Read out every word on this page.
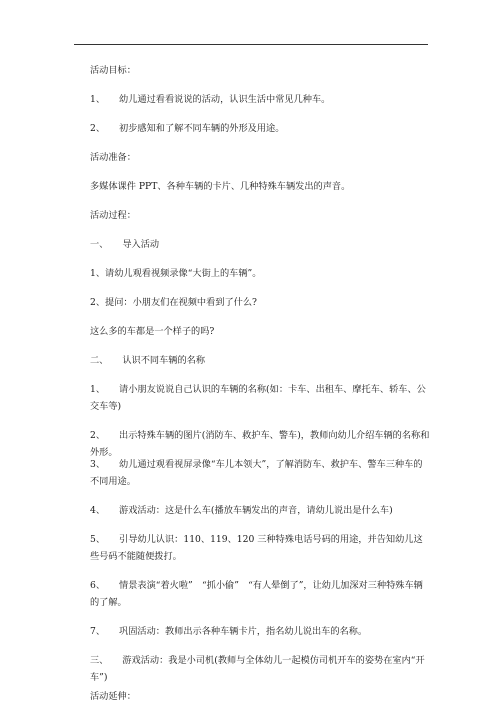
活动目标：

1、 幼儿通过看看说说的活动，认识生活中常见几种车。

2、 初步感知和了解不同车辆的外形及用途。

活动准备：

多媒体课件 PPT、各种车辆的卡片、几种特殊车辆发出的声音。

活动过程：

一、 导入活动

1、请幼儿观看视频录像“大街上的车辆”。

2、提问：小朋友们在视频中看到了什么?

这么多的车都是一个样子的吗?

二、 认识不同车辆的名称

1、 请小朋友说说自己认识的车辆的名称(如：卡车、出租车、摩托车、轿车、公交车等)

2、 出示特殊车辆的图片(消防车、救护车、警车)，教师向幼儿介绍车辆的名称和外形。

3、 幼儿通过观看视屏录像“车儿本领大”，了解消防车、救护车、警车三种车的不同用途。

4、 游戏活动：这是什么车(播放车辆发出的声音，请幼儿说出是什么车)

5、 引导幼儿认识：110、119、120 三种特殊电话号码的用途，并告知幼儿这些号码不能随便拨打。

6、 情景表演“着火啦”　“抓小偷”　“有人晕倒了”，让幼儿加深对三种特殊车辆的了解。

7、 巩固活动：教师出示各种车辆卡片，指名幼儿说出车的名称。

三、 游戏活动：我是小司机(教师与全体幼儿一起模仿司机开车的姿势在室内“开车”)

活动延伸：
